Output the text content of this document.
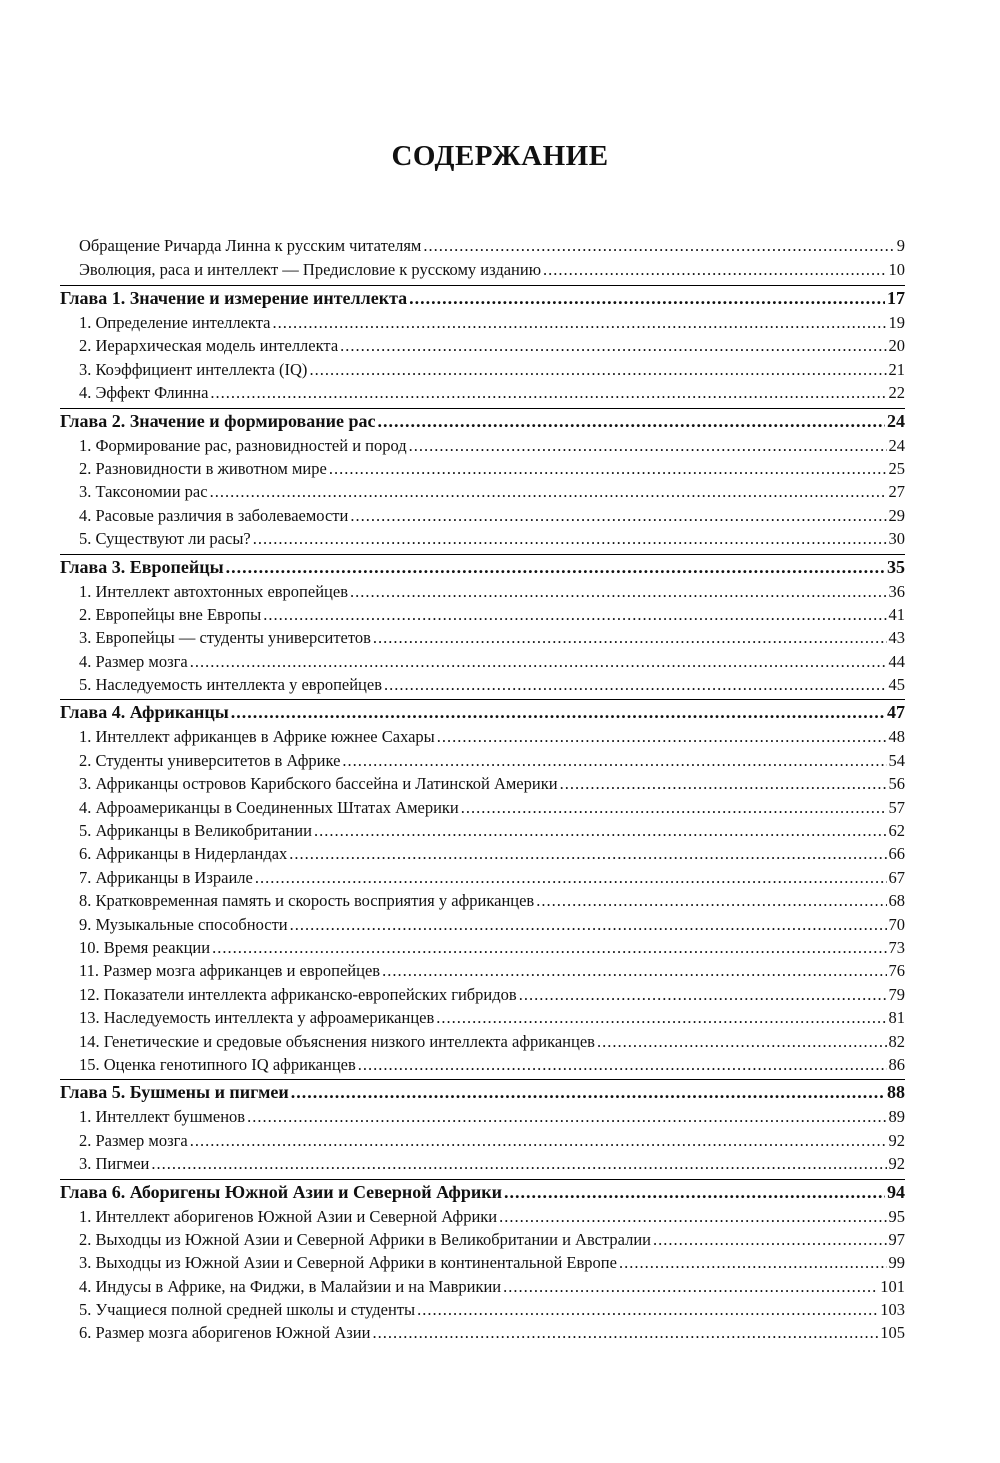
СОДЕРЖАНИЕ
Обращение Ричарда Линна к русским читателям .....	9
Эволюция, раса и интеллект — Предисловие к русскому изданию .....	10
Глава 1. Значение и измерение интеллекта .....	17
1. Определение интеллекта .....	19
2. Иерархическая модель интеллекта .....	20
3. Коэффициент интеллекта (IQ) .....	21
4. Эффект Флинна .....	22
Глава 2. Значение и формирование рас .....	24
1. Формирование рас, разновидностей и пород .....	24
2. Разновидности в животном мире .....	25
3. Таксономии рас .....	27
4. Расовые различия в заболеваемости .....	29
5. Существуют ли расы? .....	30
Глава 3. Европейцы .....	35
1. Интеллект автохтонных европейцев .....	36
2. Европейцы вне Европы .....	41
3. Европейцы — студенты университетов .....	43
4. Размер мозга .....	44
5. Наследуемость интеллекта у европейцев .....	45
Глава 4. Африканцы .....	47
1. Интеллект африканцев в Африке южнее Сахары .....	48
2. Студенты университетов в Африке .....	54
3. Африканцы островов Карибского бассейна и Латинской Америки .....	56
4. Афроамериканцы в Соединенных Штатах Америки .....	57
5. Африканцы в Великобритании .....	62
6. Африканцы в Нидерландах .....	66
7. Африканцы в Израиле .....	67
8. Кратковременная память и скорость восприятия у африканцев .....	68
9. Музыкальные способности .....	70
10. Время реакции .....	73
11. Размер мозга африканцев и европейцев .....	76
12. Показатели интеллекта африканско-европейских гибридов .....	79
13. Наследуемость интеллекта у афроамериканцев .....	81
14. Генетические и средовые объяснения низкого интеллекта африканцев .....	82
15. Оценка генотипного IQ африканцев .....	86
Глава 5. Бушмены и пигмеи .....	88
1. Интеллект бушменов .....	89
2. Размер мозга .....	92
3. Пигмеи .....	92
Глава 6. Аборигены Южной Азии и Северной Африки .....	94
1. Интеллект аборигенов Южной Азии и Северной Африки .....	95
2. Выходцы из Южной Азии и Северной Африки в Великобритании и Австралии .....	97
3. Выходцы из Южной Азии и Северной Африки в континентальной Европе .....	99
4. Индусы в Африке, на Фиджи, в Малайзии и на Маврикии .....	101
5. Учащиеся полной средней школы и студенты .....	103
6. Размер мозга аборигенов Южной Азии .....	105
